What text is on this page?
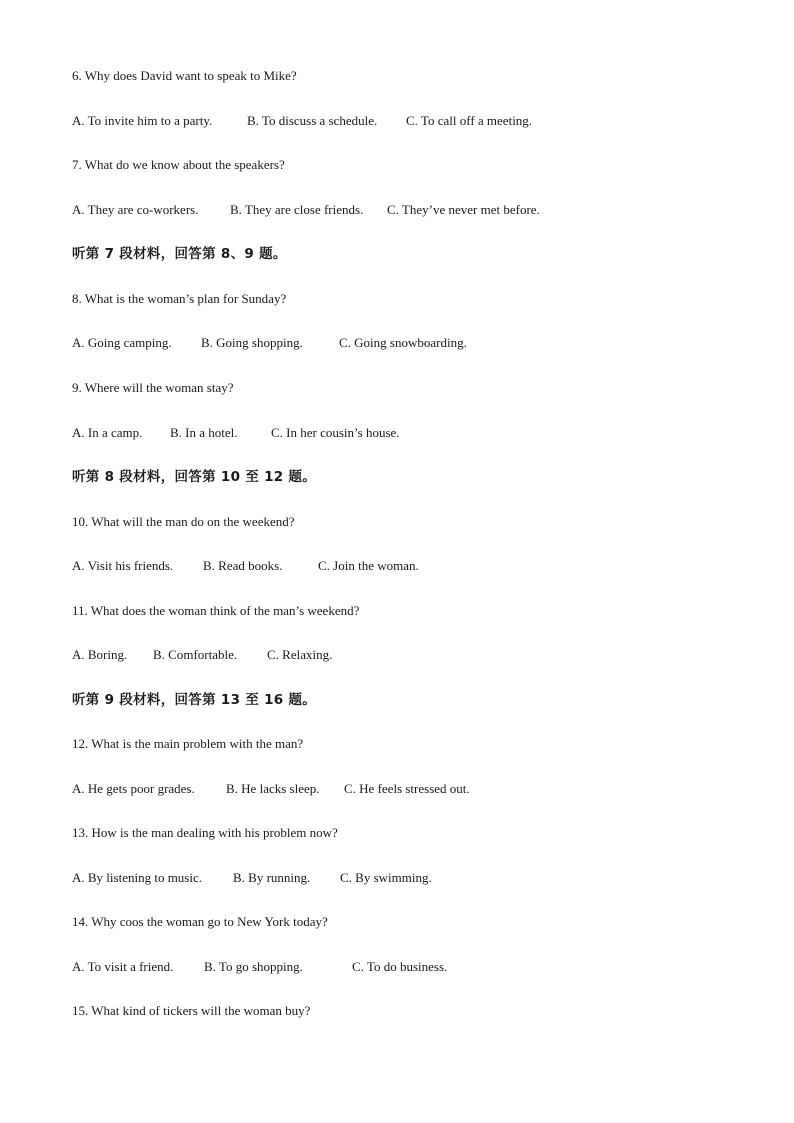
6. Why does David want to speak to Mike?
A. To invite him to a party.	B. To discuss a schedule. C. To call off a meeting.
7. What do we know about the speakers?
A. They are co-workers. B. They are close friends. C. They’ve never met before.
听第 7 段材料，回答第 8、9 题。
8. What is the woman’s plan for Sunday?
A. Going camping. B. Going shopping.	C. Going snowboarding.
9. Where will the woman stay?
A. In a camp. B. In a hotel.	C. In her cousin’s house.
听第 8 段材料，回答第 10 至 12 题。
10. What will the man do on the weekend?
A. Visit his friends. B. Read books.	C. Join the woman.
11. What does the woman think of the man’s weekend?
A. Boring. B. Comfortable. C. Relaxing.
听第 9 段材料，回答第 13 至 16 题。
12. What is the main problem with the man?
A. He gets poor grades. B. He lacks sleep. C. He feels stressed out.
13. How is the man dealing with his problem now?
A. By listening to music. B. By running. C. By swimming.
14. Why coos the woman go to New York today?
A. To visit a friend. B. To go shopping.	C. To do business.
15. What kind of tickers will the woman buy?
